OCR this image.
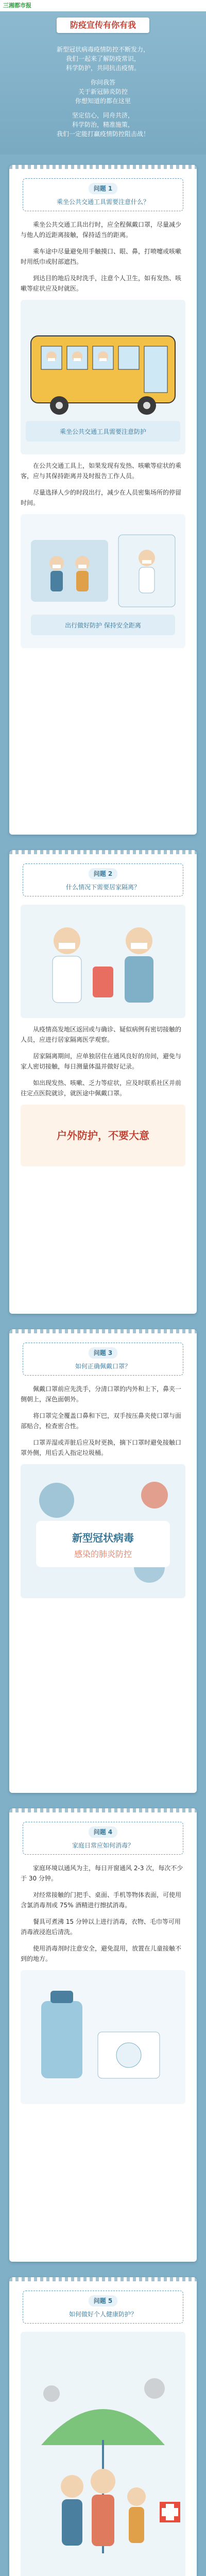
三湘都市报
防疫宣传有你有我

新型冠状病毒疫情防控不断发力，
我们一起来了解防疫常识，
科学防护，共同抗击疫情。

你问我答
关于新冠肺炎防控
你想知道的都在这里

坚定信心，同舟共济，
科学防治，精准施策，
我们一定能打赢疫情防控阻击战！

问题 1
乘坐公共交通工具需要注意什么？

乘坐公共交通工具出行时，应全程佩戴口罩，尽量减少与他人的近距离接触，保持适当的距离。

乘车途中尽量避免用手触摸口、眼、鼻，打喷嚏或咳嗽时用纸巾或肘部遮挡。

到达目的地后及时洗手，注意个人卫生，如有发热、咳嗽等症状应及时就医。

乘坐公共交通工具需要注意防护

在公共交通工具上，如果发现有发热、咳嗽等症状的乘客，应与其保持距离并及时报告工作人员。

尽量选择人少的时段出行，减少在人员密集场所的停留时间。

出行做好防护 保持安全距离
问题 2
什么情况下需要居家隔离？

从疫情高发地区返回或与确诊、疑似病例有密切接触的人员，应进行居家隔离医学观察。

居家隔离期间，应单独居住在通风良好的房间，避免与家人密切接触，每日测量体温并做好记录。

如出现发热、咳嗽、乏力等症状，应及时联系社区并前往定点医院就诊，就医途中佩戴口罩。

户外防护，不要大意
问题 3
如何正确佩戴口罩？

佩戴口罩前应先洗手，分清口罩的内外和上下，鼻夹一侧朝上，深色面朝外。

将口罩完全覆盖口鼻和下巴，双手按压鼻夹使口罩与面部贴合，检查密合性。

口罩弄湿或弄脏后应及时更换，摘下口罩时避免接触口罩外侧，用后丢入指定垃圾桶。

新型冠状病毒
感染的肺炎防控
问题 4
家庭日常应如何消毒？

家庭环境以通风为主，每日开窗通风 2-3 次，每次不少于 30 分钟。

对经常接触的门把手、桌面、手机等物体表面，可使用含氯消毒剂或 75% 酒精进行擦拭消毒。

餐具可煮沸 15 分钟以上进行消毒，衣物、毛巾等可用消毒液浸泡后清洗。

使用消毒剂时注意安全，避免混用，放置在儿童接触不到的地方。

问题 5
如何做好个人健康防护？
